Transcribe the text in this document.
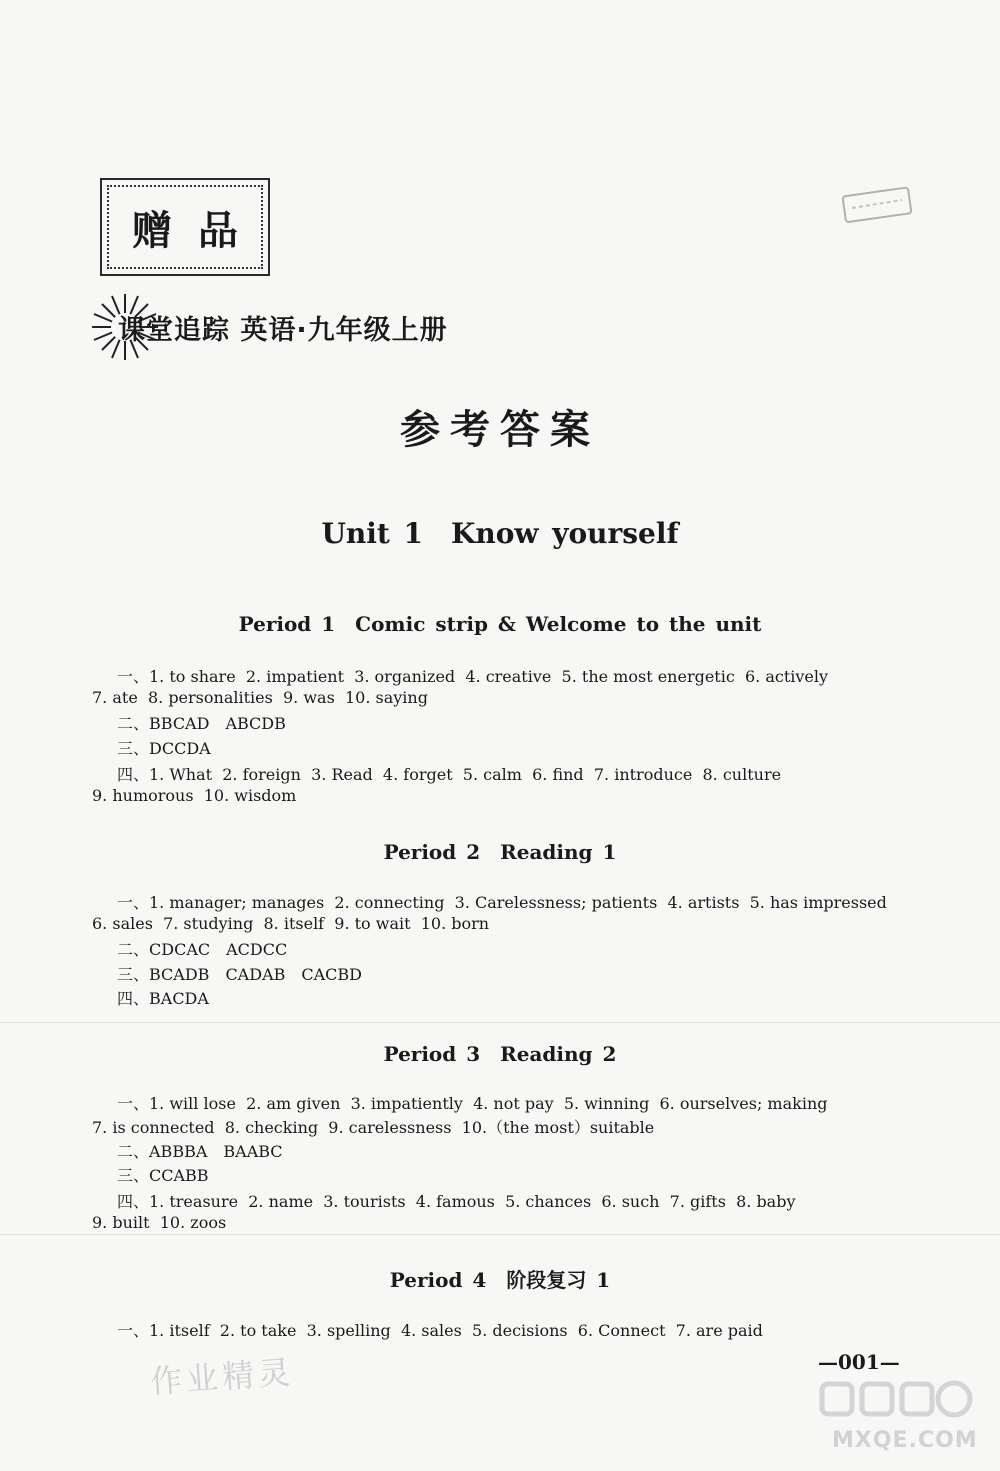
赠品
课堂追踪 英语·九年级上册
参考答案
Unit 1　Know yourself
Period 1　Comic strip & Welcome to the unit
一、1. to share  2. impatient  3. organized  4. creative  5. the most energetic  6. actively
7. ate  8. personalities  9. was  10. saying
二、BBCAD　ABCDB
三、DCCDA
四、1. What  2. foreign  3. Read  4. forget  5. calm  6. find  7. introduce  8. culture
9. humorous  10. wisdom
Period 2　Reading 1
一、1. manager; manages  2. connecting  3. Carelessness; patients  4. artists  5. has impressed
6. sales  7. studying  8. itself  9. to wait  10. born
二、CDCAC　ACDCC
三、BCADB　CADAB　CACBD
四、BACDA
Period 3　Reading 2
一、1. will lose  2. am given  3. impatiently  4. not pay  5. winning  6. ourselves; making
7. is connected  8. checking  9. carelessness  10.（the most）suitable
二、ABBBA　BAABC
三、CCABB
四、1. treasure  2. name  3. tourists  4. famous  5. chances  6. such  7. gifts  8. baby
9. built  10. zoos
Period 4　阶段复习 1
一、1. itself  2. to take  3. spelling  4. sales  5. decisions  6. Connect  7. are paid
—001—
作业精灵
MXQE.COM
